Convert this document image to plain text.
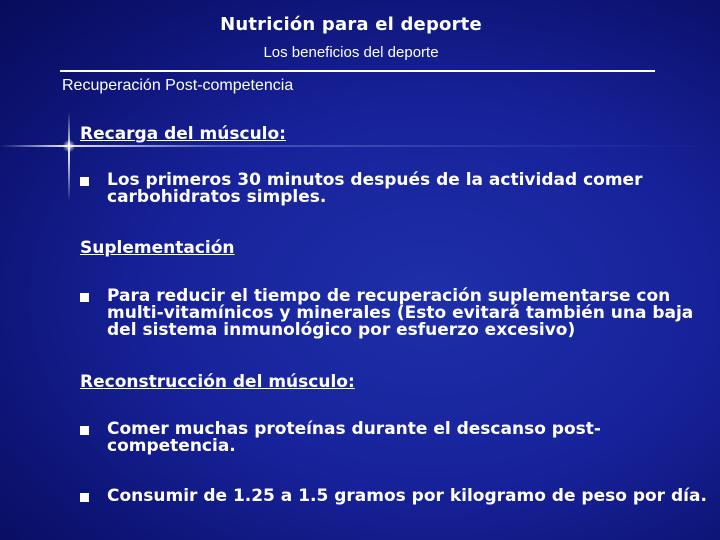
Nutrición para el deporte
Los beneficios del deporte
Recuperación Post-competencia
Recarga del músculo:
Los primeros 30 minutos después de la actividad comer carbohidratos simples.
Suplementación
Para reducir el tiempo de recuperación suplementarse con multi-vitamínicos y minerales (Esto evitará también una baja del sistema inmunológico por esfuerzo excesivo)
Reconstrucción del músculo:
Comer muchas proteínas durante el descanso post-competencia.
Consumir de 1.25 a 1.5 gramos por kilogramo de peso por día.
